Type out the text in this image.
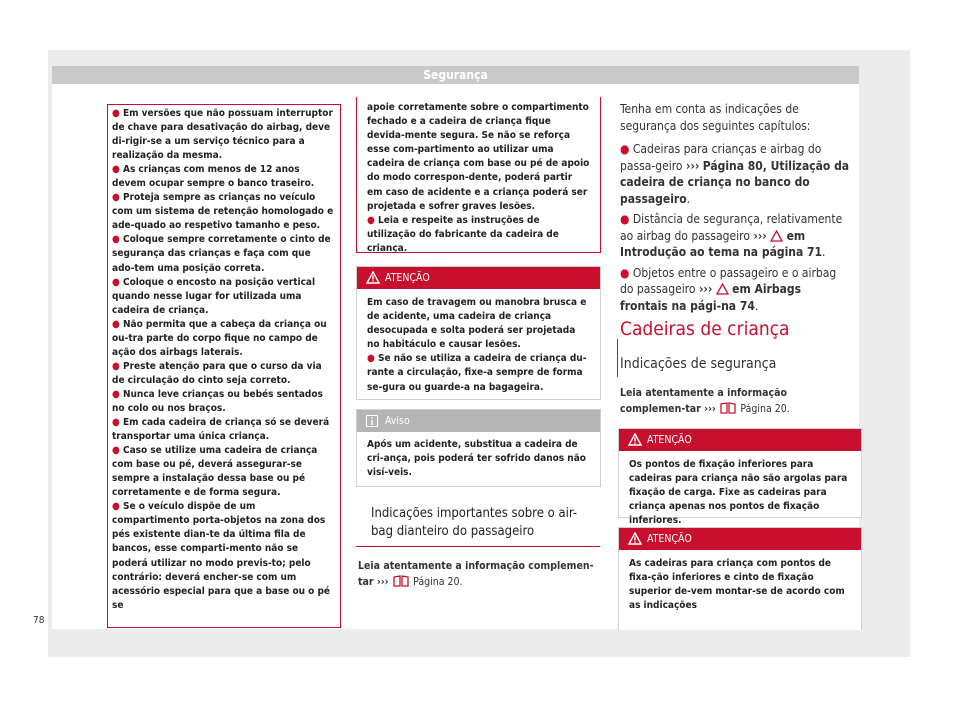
Segurança
78

● Em versões que não possuam interruptor de chave para desativação do airbag, deve di-rigir-se a um serviço técnico para a realização da mesma.

● As crianças com menos de 12 anos devem ocupar sempre o banco traseiro.

● Proteja sempre as crianças no veículo com um sistema de retenção homologado e ade-quado ao respetivo tamanho e peso.

● Coloque sempre corretamente o cinto de segurança das crianças e faça com que ado-tem uma posição correta.

● Coloque o encosto na posição vertical quando nesse lugar for utilizada uma cadeira de criança.

● Não permita que a cabeça da criança ou ou-tra parte do corpo fique no campo de ação dos airbags laterais.

● Preste atenção para que o curso da via de circulação do cinto seja correto.

● Nunca leve crianças ou bebés sentados no colo ou nos braços.

● Em cada cadeira de criança só se deverá transportar uma única criança.

● Caso se utilize uma cadeira de criança com base ou pé, deverá assegurar-se sempre a instalação dessa base ou pé corretamente e de forma segura.

● Se o veículo dispõe de um compartimento porta-objetos na zona dos pés existente dian-te da última fila de bancos, esse comparti-mento não se poderá utilizar no modo previs-to; pelo contrário: deverá encher-se com um acessório especial para que a base ou o pé se

apoie corretamente sobre o compartimento fechado e a cadeira de criança fique devida-mente segura. Se não se reforça esse com-partimento ao utilizar uma cadeira de criança com base ou pé de apoio do modo correspon-dente, poderá partir em caso de acidente e a criança poderá ser projetada e sofrer graves lesões.

● Leia e respeite as instruções de utilização do fabricante da cadeira de criança.

ATENÇÃO

Em caso de travagem ou manobra brusca e de acidente, uma cadeira de criança desocupada e solta poderá ser projetada no habitáculo e causar lesões.

● Se não se utiliza a cadeira de criança du-rante a circulação, fixe-a sempre de forma se-gura ou guarde-a na bagageira.

Aviso
Após um acidente, substitua a cadeira de cri-ança, pois poderá ter sofrido danos não visí-veis.
Indicações importantes sobre o air-bag dianteiro do passageiro
Leia atentamente a informação complemen-tar ››› Página 20.

Tenha em conta as indicações de segurança dos seguintes capítulos:

● Cadeiras para crianças e airbag do passa-geiro ››› Página 80, Utilização da cadeira de criança no banco do passageiro.

● Distância de segurança, relativamente ao airbag do passageiro ››› em Introdução ao tema na página 71.

● Objetos entre o passageiro e o airbag do passageiro ››› em Airbags frontais na pági-na 74.

Cadeiras de criança
Indicações de segurança
Leia atentamente a informação complemen-tar ››› Página 20.
ATENÇÃO
Os pontos de fixação inferiores para cadeiras para criança não são argolas para fixação de carga. Fixe as cadeiras para criança apenas nos pontos de fixação inferiores.
ATENÇÃO
As cadeiras para criança com pontos de fixa-ção inferiores e cinto de fixação superior de-vem montar-se de acordo com as indicações
